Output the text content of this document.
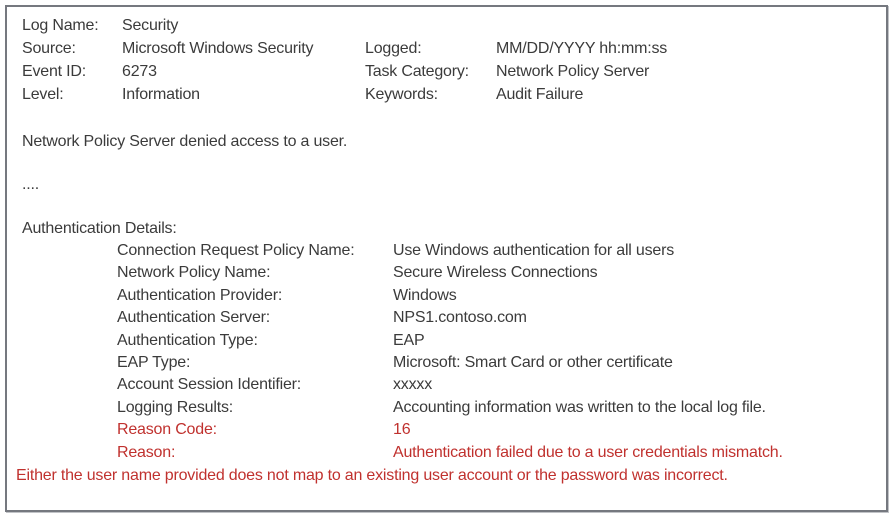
Log Name:	Security
Source:	Microsoft Windows Security	Logged:	MM/DD/YYYY hh:mm:ss
Event ID:	6273	Task Category:	Network Policy Server
Level:	Information	Keywords:	Audit Failure
Network Policy Server denied access to a user.
....
Authentication Details:
Connection Request Policy Name:	Use Windows authentication for all users
Network Policy Name:	Secure Wireless Connections
Authentication Provider:	Windows
Authentication Server:	NPS1.contoso.com
Authentication Type:	EAP
EAP Type:	Microsoft: Smart Card or other certificate
Account Session Identifier:	xxxxx
Logging Results:	Accounting information was written to the local log file.
Reason Code:	16
Reason:	Authentication failed due to a user credentials mismatch.
Either the user name provided does not map to an existing user account or the password was incorrect.
